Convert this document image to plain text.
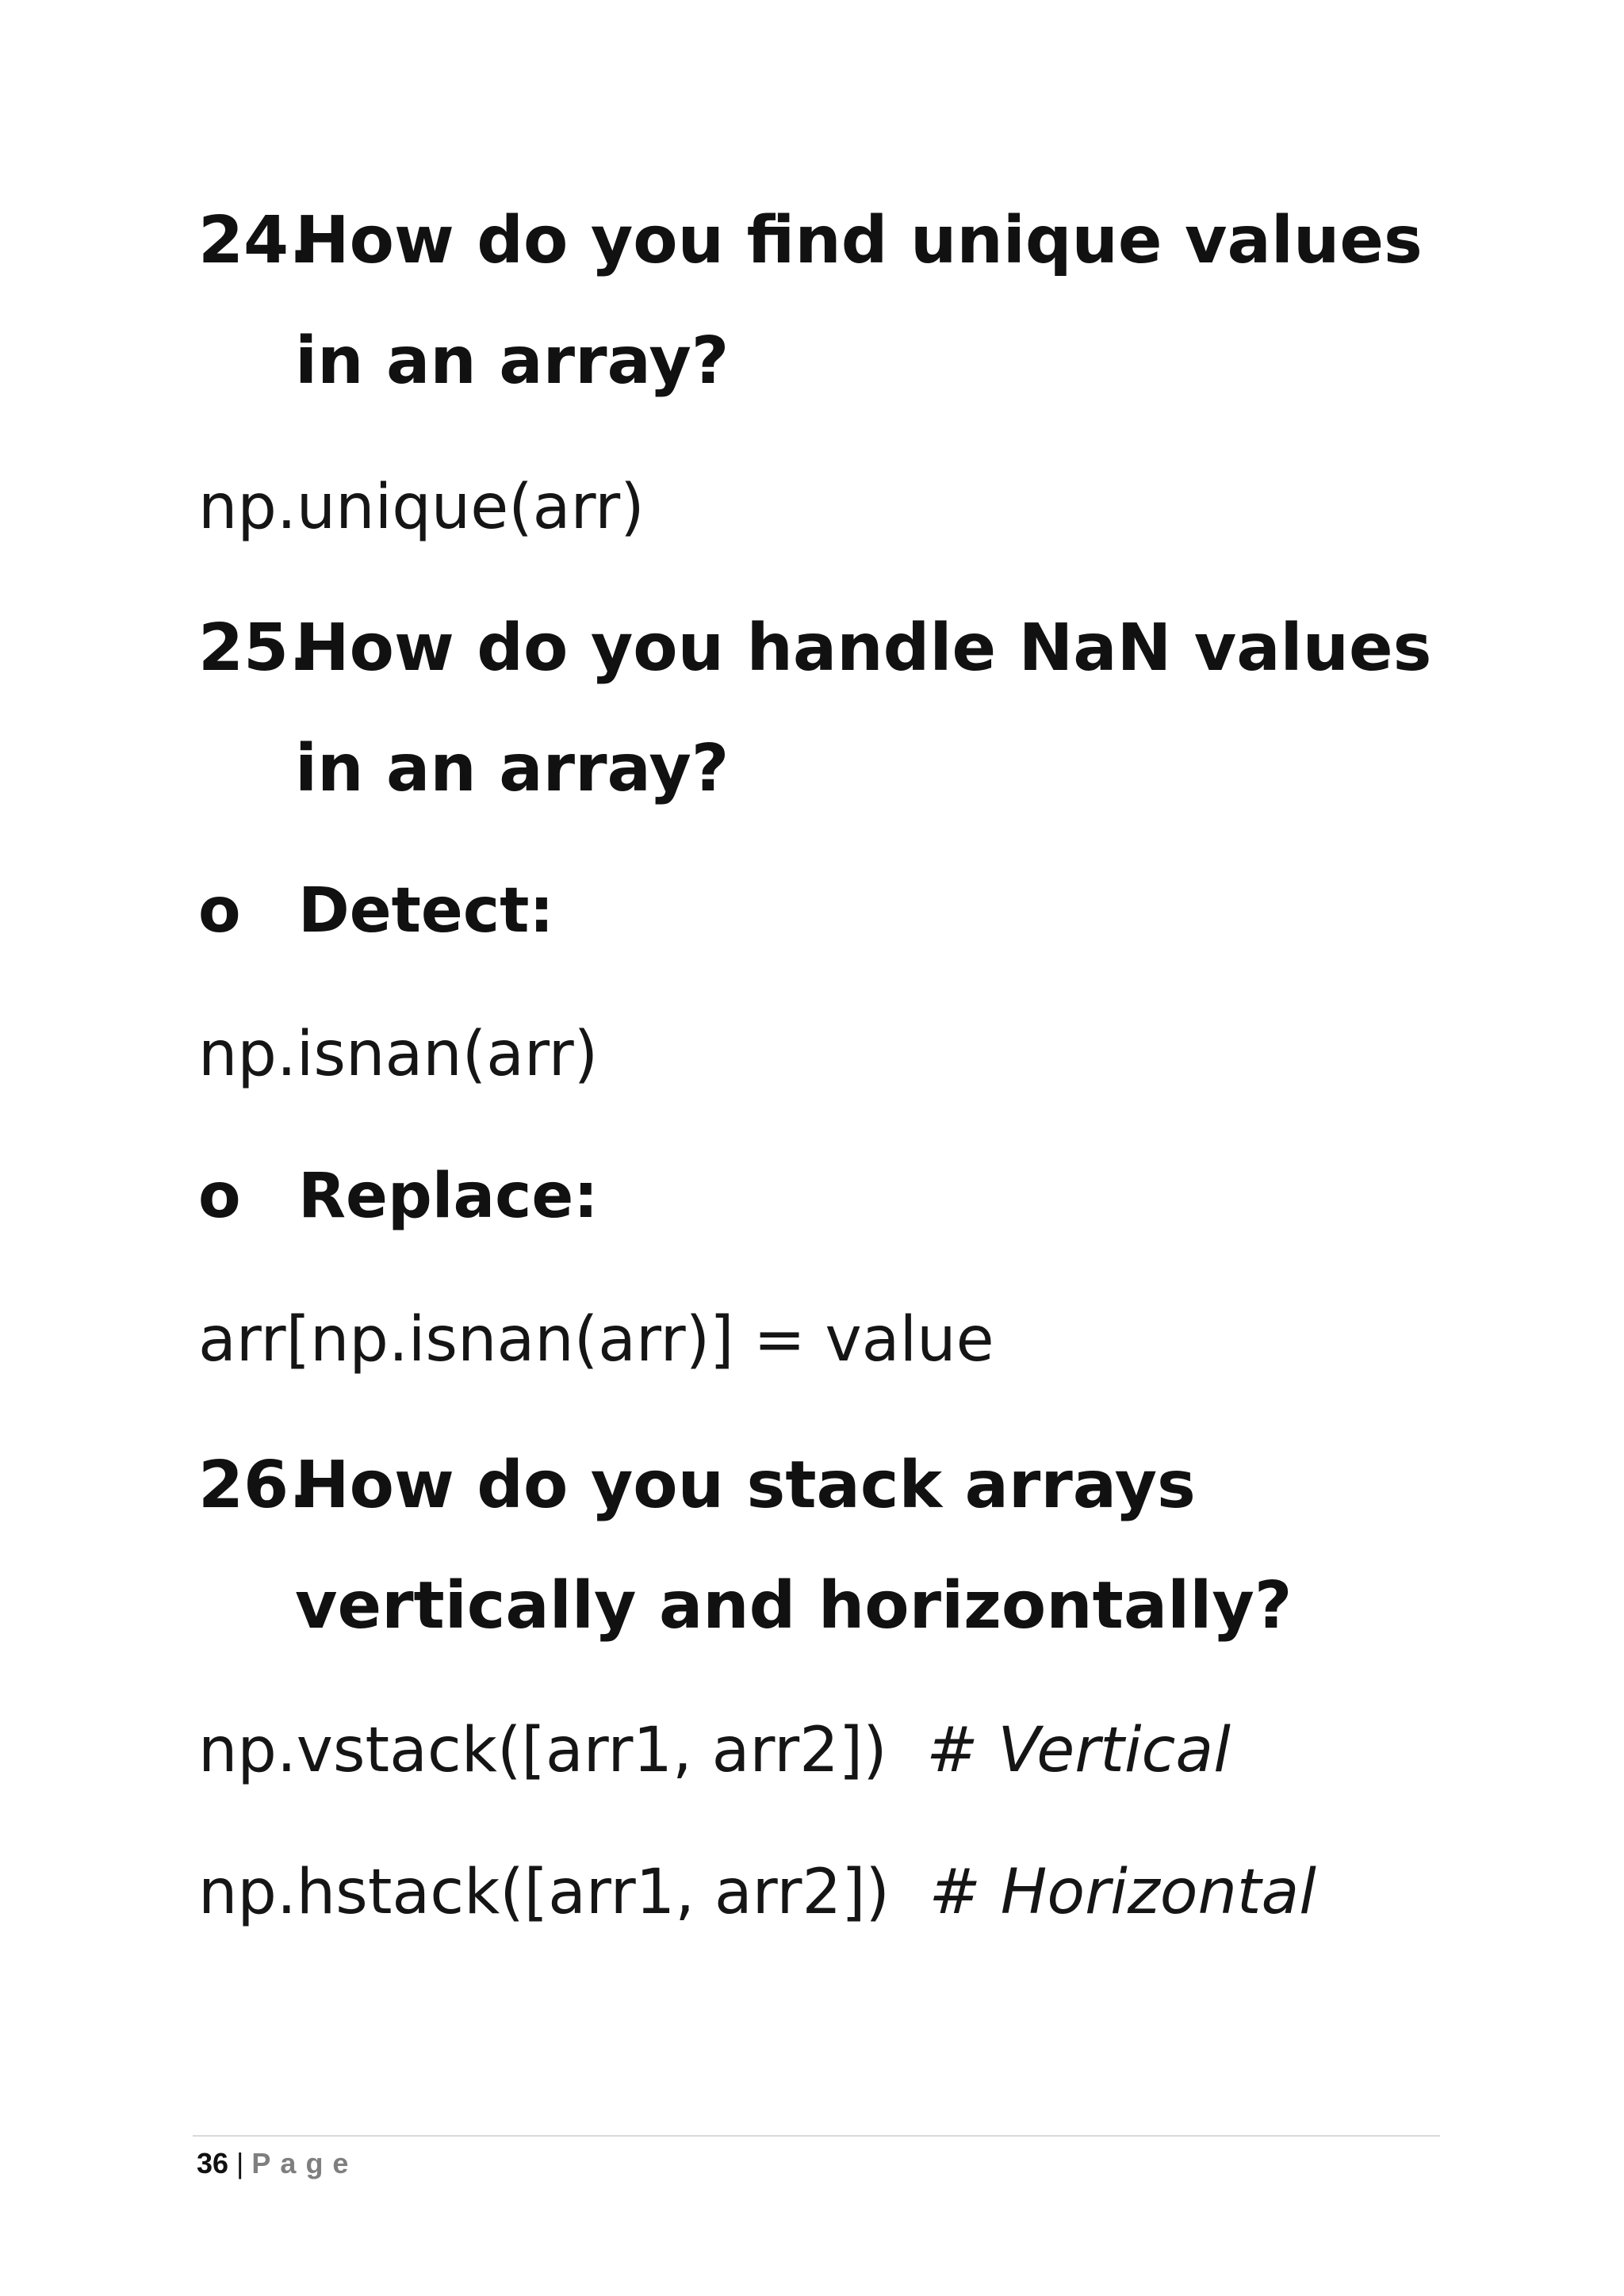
24.
How do you find unique values in an array?
np.unique(arr)
25.
How do you handle NaN values in an array?
o Detect:
np.isnan(arr)
o Replace:
arr[np.isnan(arr)] = value
26.
How do you stack arrays vertically and horizontally?
np.vstack([arr1, arr2]) # Vertical
np.hstack([arr1, arr2]) # Horizontal
36 | Page
